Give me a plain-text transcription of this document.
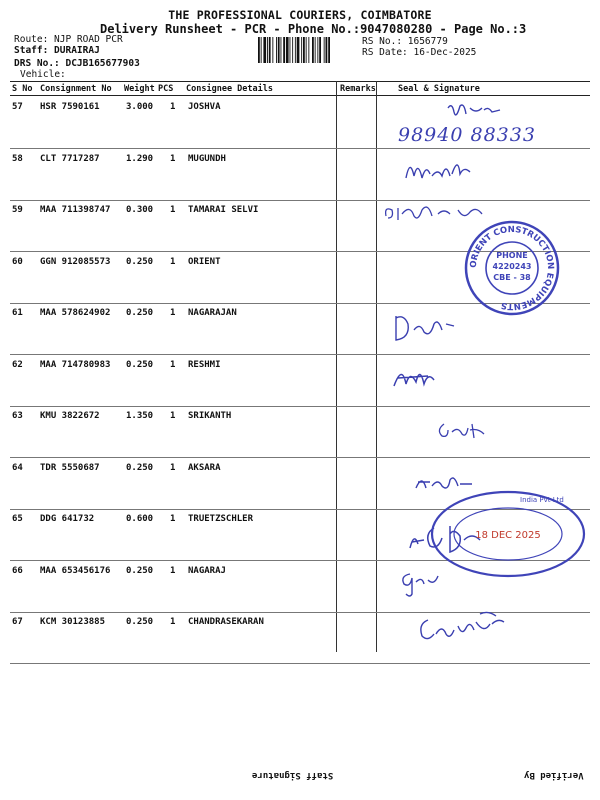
THE PROFESSIONAL COURIERS, COIMBATORE
Delivery Runsheet - PCR - Phone No.:9047080280 - Page No.:3
Route: NJP ROAD PCR
Staff: DURAIRAJ
DRS No.: DCJB165677903
Vehicle:
RS No.: 1656779
RS Date: 16-Dec-2025
S No Consignment No Weight PCS Consignee Details	Remarks	Seal & Signature
57 HSR 7590161	3.000 1 JOSHVA
58 CLT 7717287	1.290 1 MUGUNDH
59 MAA 711398747 0.300 1 TAMARAI SELVI
60 GGN 912085573 0.250 1 ORIENT
61 MAA 578624902 0.250 1 NAGARAJAN
62 MAA 714780983 0.250 1 RESHMI
63 KMU 3822672	1.350 1 SRIKANTH
64 TDR 5550687	0.250 1 AKSARA
65 DDG 641732	0.600 1 TRUETZSCHLER
66 MAA 653456176 0.250 1 NAGARAJ
67 KCM 30123885 0.250 1 CHANDRASEKARAN
98940 88333
ORIENT CONSTRUCTION EQUIPMENTS
PHONE
4220243
CBE - 38
India Pvt Ltd
18 DEC 2025
Staff Signature	Verified By
